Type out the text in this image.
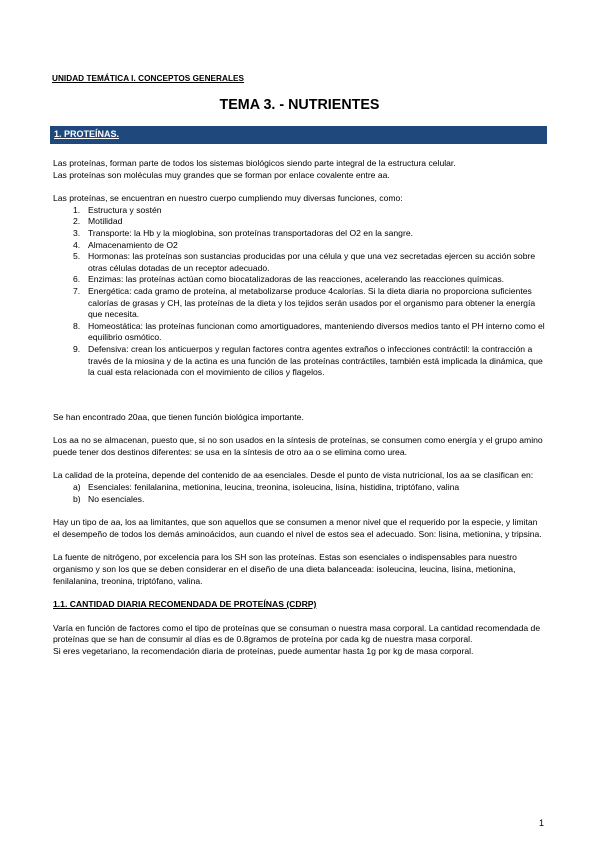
UNIDAD TEMÁTICA I. CONCEPTOS GENERALES
TEMA 3. - NUTRIENTES
1. PROTEÍNAS.

Las proteínas, forman parte de todos los sistemas biológicos siendo parte integral de la estructura celular.

Las proteínas son moléculas muy grandes que se forman por enlace covalente entre aa.

Las proteínas, se encuentran en nuestro cuerpo cumpliendo muy diversas funciones, como:

1. Estructura y sostén
2. Motilidad
3. Transporte: la Hb y la mioglobina, son proteínas transportadoras del O2 en la sangre.
4. Almacenamiento de O2
5. Hormonas: las proteínas son sustancias producidas por una célula y que una vez secretadas ejercen su acción sobre otras células dotadas de un receptor adecuado.
6. Enzimas: las proteínas actúan como biocatalizadoras de las reacciones, acelerando las reacciones químicas.
7. Energética: cada gramo de proteína, al metabolizarse produce 4calorías. Si la dieta diaria no proporciona suficientes calorías de grasas y CH, las proteínas de la dieta y los tejidos serán usados por el organismo para obtener la energía que necesita.
8. Homeostática: las proteínas funcionan como amortiguadores, manteniendo diversos medios tanto el PH interno como el equilibrio osmótico.
9. Defensiva: crean los anticuerpos y regulan factores contra agentes extraños o infecciones contráctil: la contracción a través de la miosina y de la actina es una función de las proteínas contráctiles, también está implicada la dinámica, que la cual esta relacionada con el movimiento de cilios y flagelos.

Se han encontrado 20aa, que tienen función biológica importante.

Los aa no se almacenan, puesto que, si no son usados en la síntesis de proteínas, se consumen como energía y el grupo amino puede tener dos destinos diferentes: se usa en la síntesis de otro aa o se elimina como urea.

La calidad de la proteína, depende del contenido de aa esenciales. Desde el punto de vista nutricional, los aa se clasifican en:

a) Esenciales: fenilalanina, metionina, leucina, treonina, isoleucina, lisina, histidina, triptófano, valina
b) No esenciales.

Hay un tipo de aa, los aa limitantes, que son aquellos que se consumen a menor nivel que el requerido por la especie, y limitan el desempeño de todos los demás aminoácidos, aun cuando el nivel de estos sea el adecuado. Son: lisina, metionina, y tripsina.

La fuente de nitrógeno, por excelencia para los SH son las proteínas. Estas son esenciales o indispensables para nuestro organismo y son los que se deben considerar en el diseño de una dieta balanceada: isoleucina, leucina, lisina, metionina, fenilalanina, treonina, triptófano, valina.

1.1. CANTIDAD DIARIA RECOMENDADA DE PROTEÍNAS (CDRP)

Varía en función de factores como el tipo de proteínas que se consuman o nuestra masa corporal. La cantidad recomendada de proteínas que se han de consumir al días es de 0.8gramos de proteína por cada kg de nuestra masa corporal.

Si eres vegetariano, la recomendación diaria de proteínas, puede aumentar hasta 1g por kg de masa corporal.

1
